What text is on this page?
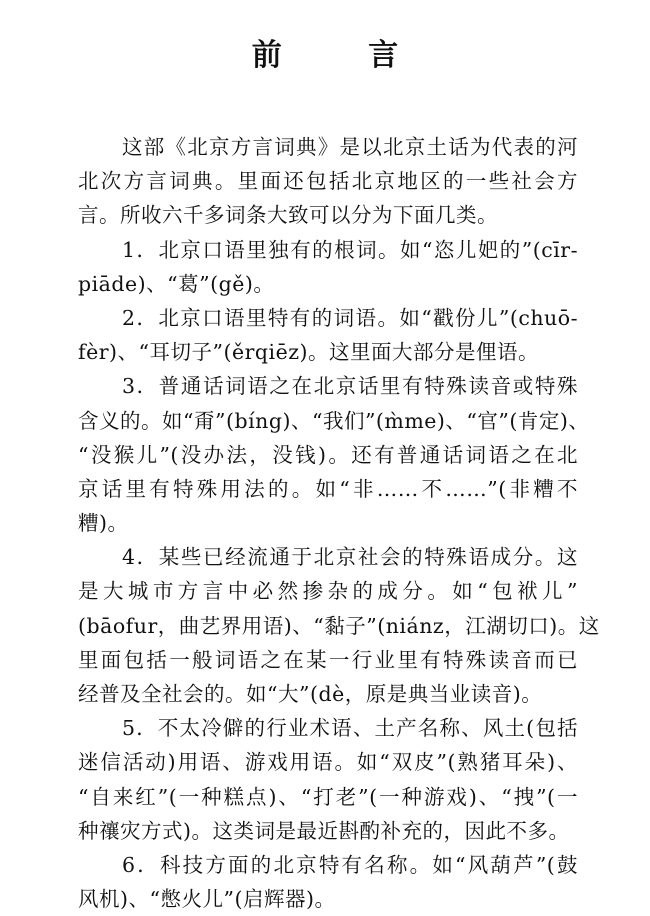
前 言
这部《北京方言词典》是以北京土话为代表的河
北次方言词典。里面还包括北京地区的一些社会方
言。所收六千多词条大致可以分为下面几类。
1．北京口语里独有的根词。如“恣儿妑的”(cīr-
piāde)、“葛”(gě)。
2．北京口语里特有的词语。如“戳份儿”(chuō-
fèr)、“耳切子”(ěrqiēz)。这里面大部分是俚语。
3．普通话词语之在北京话里有特殊读音或特殊
含义的。如“甭”(bíng)、“我们”(m̀me)、“官”(肯定)、
“没猴儿”(没办法，没钱)。还有普通话词语之在北
京话里有特殊用法的。如“非……不……”(非糟不
糟)。
4．某些已经流通于北京社会的特殊语成分。这
是大城市方言中必然掺杂的成分。如“包袱儿”
(bāofur，曲艺界用语)、“黏子”(niánz，江湖切口)。这
里面包括一般词语之在某一行业里有特殊读音而已
经普及全社会的。如“大”(dè，原是典当业读音)。
5．不太冷僻的行业术语、土产名称、风土(包括
迷信活动)用语、游戏用语。如“双皮”(熟猪耳朵)、
“自来红”(一种糕点)、“打老”(一种游戏)、“拽”(一
种禳灾方式)。这类词是最近斟酌补充的，因此不多。
6．科技方面的北京特有名称。如“风葫芦”(鼓
风机)、“憋火儿”(启辉器)。
